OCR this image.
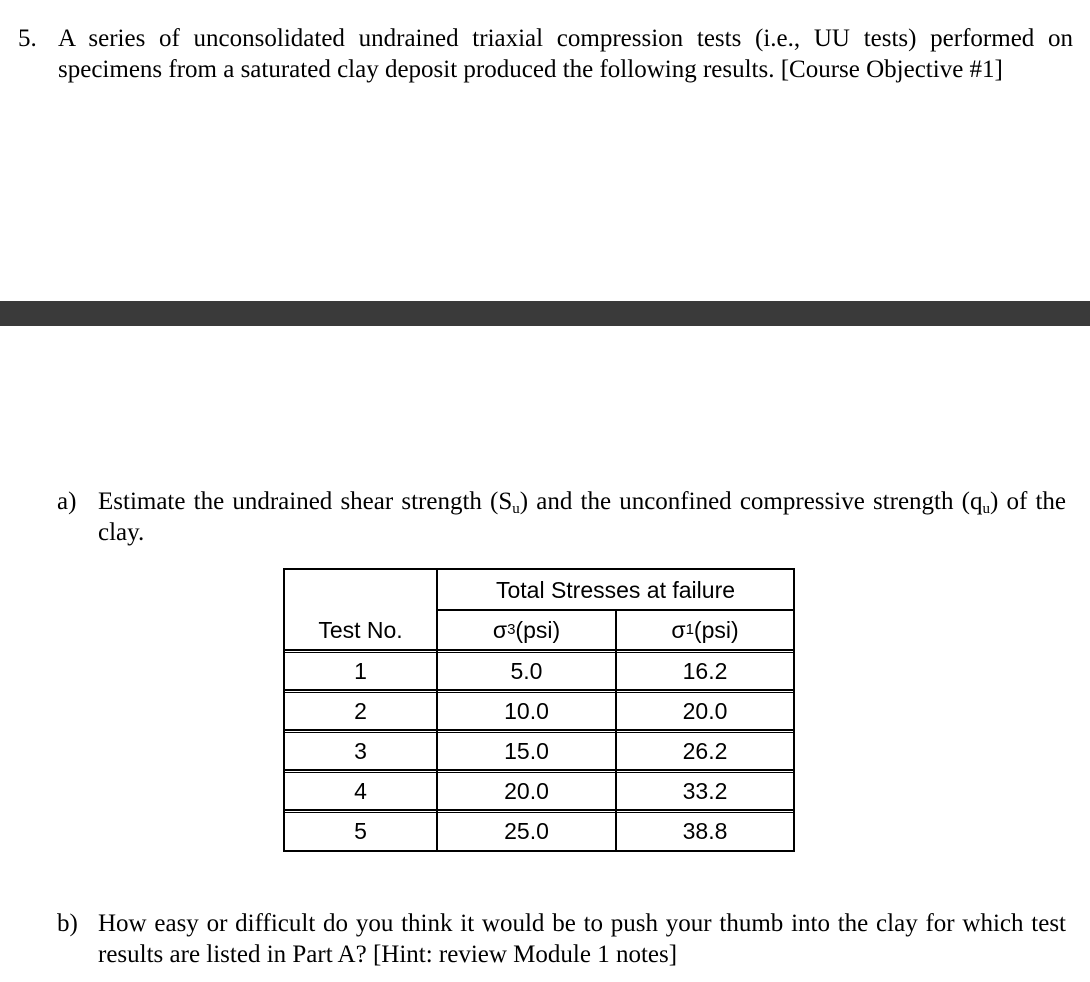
5. A series of unconsolidated undrained triaxial compression tests (i.e., UU tests) performed on specimens from a saturated clay deposit produced the following results. [Course Objective #1]
a) Estimate the undrained shear strength (Su) and the unconfined compressive strength (qu) of the clay.
Total Stresses at failure
Test No.	σ 3 (psi)	σ 1 (psi)
1	5.0	16.2
2	10.0	20.0
3	15.0	26.2
4	20.0	33.2
5	25.0	38.8
b) How easy or difficult do you think it would be to push your thumb into the clay for which test results are listed in Part A? [Hint: review Module 1 notes]
